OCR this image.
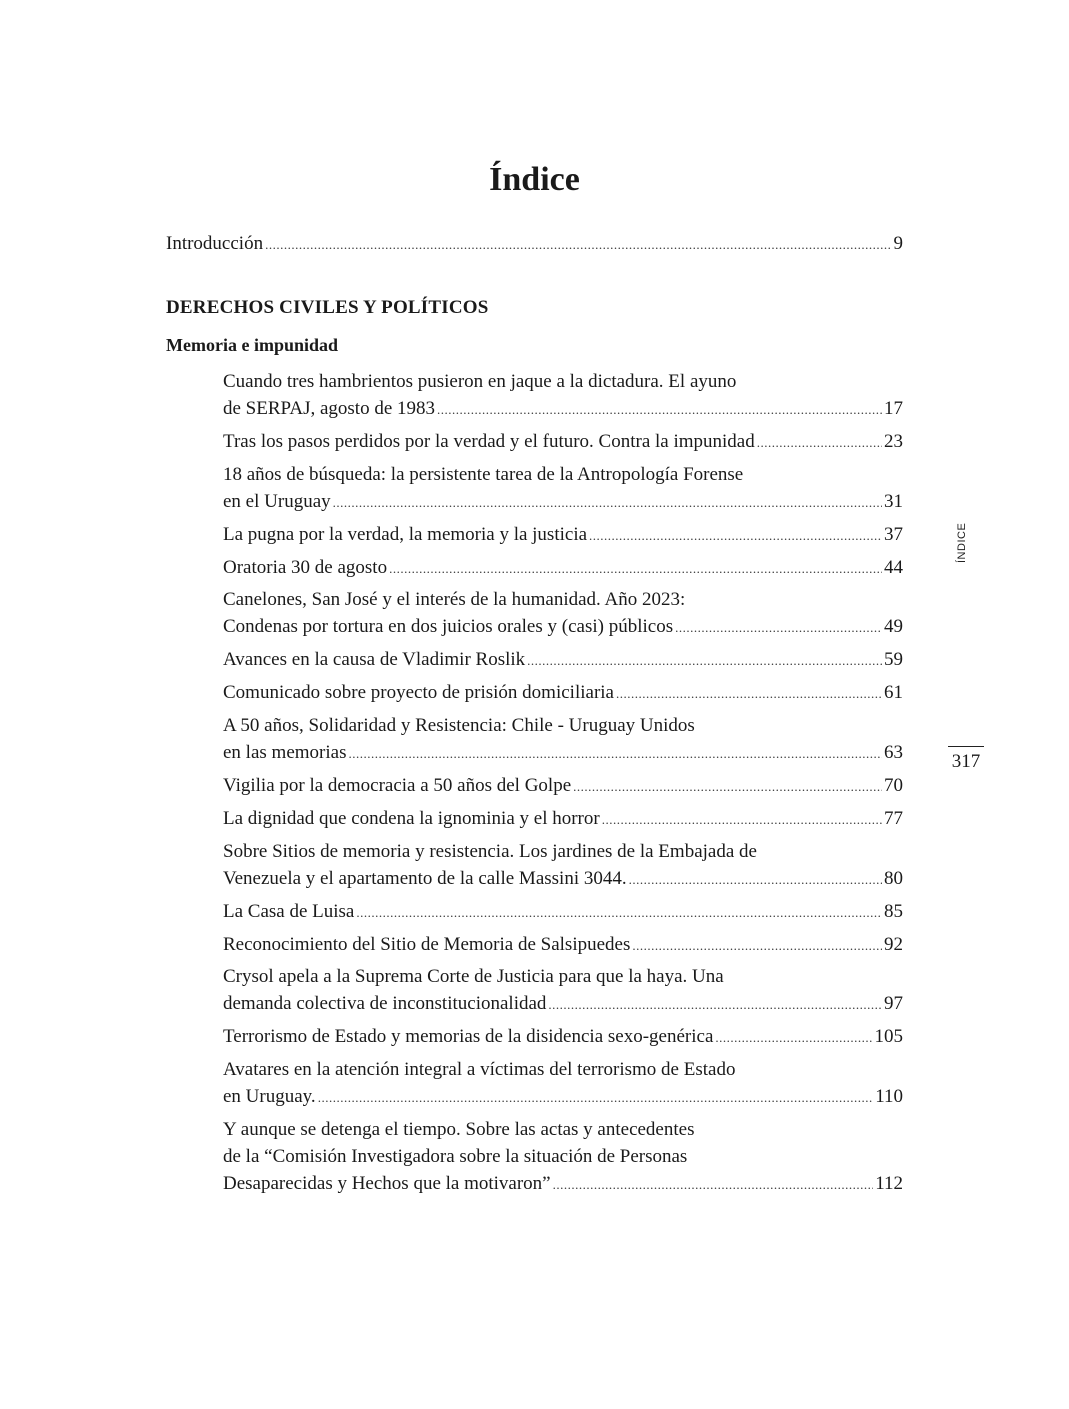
Índice
Introducción .....	9
DERECHOS CIVILES Y POLÍTICOS
Memoria e impunidad
Cuando tres hambrientos pusieron en jaque a la dictadura. El ayuno
de SERPAJ, agosto de 1983 .....	17
Tras los pasos perdidos por la verdad y el futuro. Contra la impunidad .....	23
18 años de búsqueda: la persistente tarea de la Antropología Forense
en el Uruguay .....	31
La pugna por la verdad, la memoria y la justicia .....	37
Oratoria 30 de agosto .....	44
Canelones, San José y el interés de la humanidad. Año 2023:
Condenas por tortura en dos juicios orales y (casi) públicos .....	49
Avances en la causa de Vladimir Roslik .....	59
Comunicado sobre proyecto de prisión domiciliaria .....	61
A 50 años, Solidaridad y Resistencia: Chile - Uruguay Unidos
en las memorias .....	63
Vigilia por la democracia a 50 años del Golpe .....	70
La dignidad que condena la ignominia y el horror .....	77
Sobre Sitios de memoria y resistencia. Los jardines de la Embajada de
Venezuela y el apartamento de la calle Massini 3044. .....	80
La Casa de Luisa .....	85
Reconocimiento del Sitio de Memoria de Salsipuedes .....	92
Crysol apela a la Suprema Corte de Justicia para que la haya. Una
demanda colectiva de inconstitucionalidad .....	97
Terrorismo de Estado y memorias de la disidencia sexo-genérica .....	105
Avatares en la atención integral a víctimas del terrorismo de Estado
en Uruguay. .....	110
Y aunque se detenga el tiempo. Sobre las actas y antecedentes
de la “Comisión Investigadora sobre la situación de Personas
Desaparecidas y Hechos que la motivaron” .....	112
ÍNDICE
317
